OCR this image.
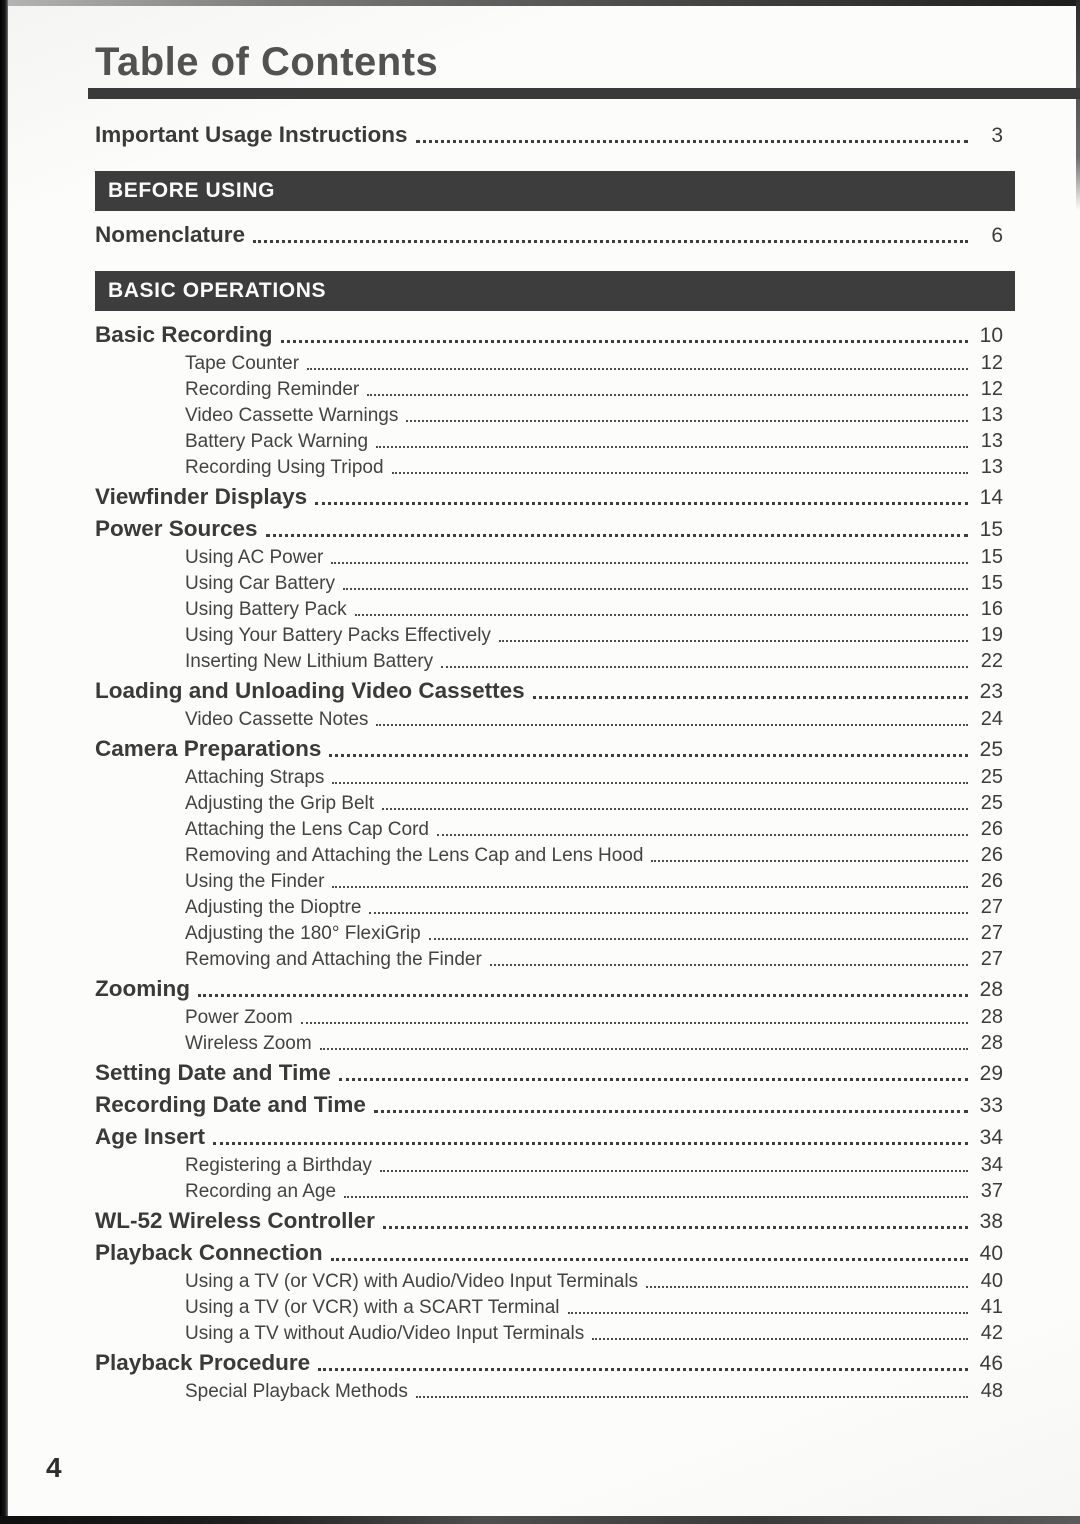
Table of Contents
Important Usage Instructions	3
BEFORE USING
Nomenclature	6
BASIC OPERATIONS
Basic Recording	10
Tape Counter	12
Recording Reminder	12
Video Cassette Warnings	13
Battery Pack Warning	13
Recording Using Tripod	13
Viewfinder Displays	14
Power Sources	15
Using AC Power	15
Using Car Battery	15
Using Battery Pack	16
Using Your Battery Packs Effectively	19
Inserting New Lithium Battery	22
Loading and Unloading Video Cassettes	23
Video Cassette Notes	24
Camera Preparations	25
Attaching Straps	25
Adjusting the Grip Belt	25
Attaching the Lens Cap Cord	26
Removing and Attaching the Lens Cap and Lens Hood	26
Using the Finder	26
Adjusting the Dioptre	27
Adjusting the 180° FlexiGrip	27
Removing and Attaching the Finder	27
Zooming	28
Power Zoom	28
Wireless Zoom	28
Setting Date and Time	29
Recording Date and Time	33
Age Insert	34
Registering a Birthday	34
Recording an Age	37
WL-52 Wireless Controller	38
Playback Connection	40
Using a TV (or VCR) with Audio/Video Input Terminals	40
Using a TV (or VCR) with a SCART Terminal	41
Using a TV without Audio/Video Input Terminals	42
Playback Procedure	46
Special Playback Methods	48
4
